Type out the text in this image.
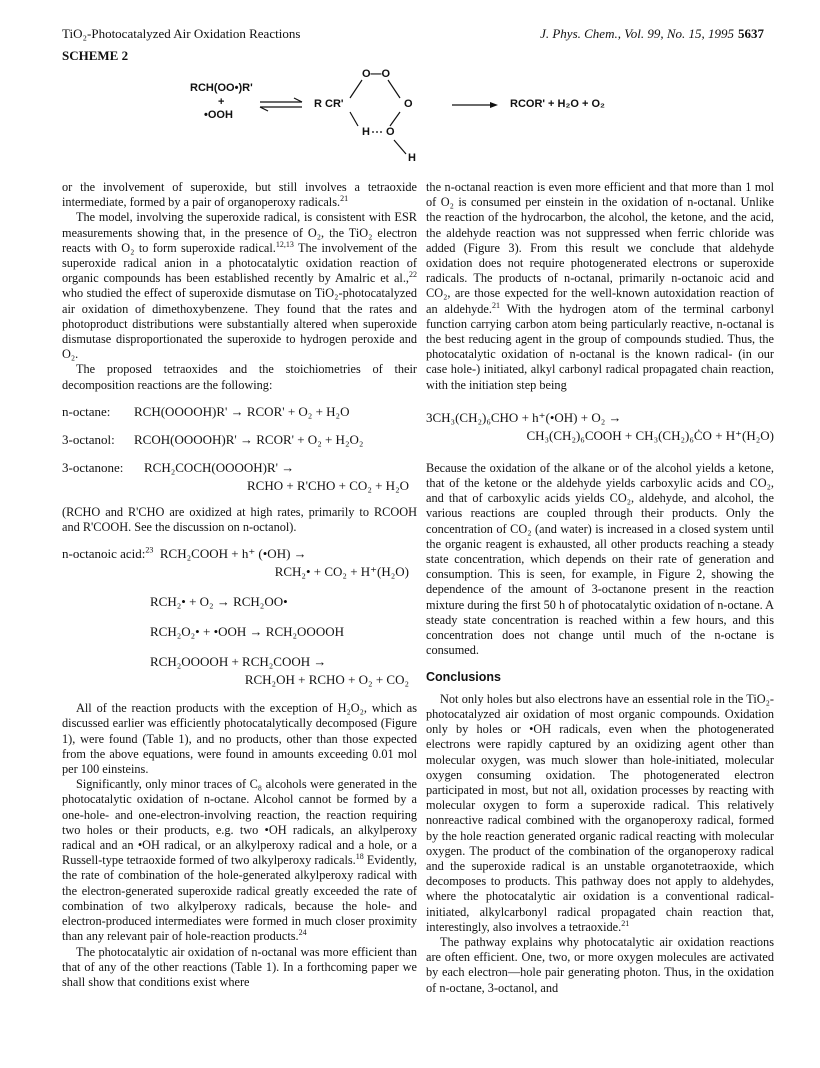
TiO₂-Photocatalyzed Air Oxidation Reactions	J. Phys. Chem., Vol. 99, No. 15, 1995 5637
SCHEME 2
RCH(OO•)R'
+
•OOH
O—O
R CR'	O
H O
H
RCOR' + H₂O + O₂

or the involvement of superoxide, but still involves a tetraoxide intermediate, formed by a pair of organoperoxy radicals.$^{21}$

The model, involving the superoxide radical, is consistent with ESR measurements showing that, in the presence of O₂, the TiO₂ electron reacts with O₂ to form superoxide radical.$^{12,13}$ The involvement of the superoxide radical anion in a photocatalytic oxidation reaction of organic compounds has been established recently by Amalric et al.,$^{22}$ who studied the effect of superoxide dismutase on TiO₂-photocatalyzed air oxidation of dimethoxybenzene. They found that the rates and photoproduct distributions were substantially altered when superoxide dismutase disproportionated the superoxide to hydrogen peroxide and O₂.

The proposed tetraoxides and the stoichiometries of their decomposition reactions are the following:

n-octane: RCH(OOOOH)R' → RCOR' + O₂ + H₂O
3-octanol: RCOH(OOOOH)R' → RCOR' + O₂ + H₂O₂
3-octanone: RCH₂COCH(OOOOH)R' →
RCHO + R'CHO + CO₂ + H₂O

(RCHO and R'CHO are oxidized at high rates, primarily to RCOOH and R'COOH. See the discussion on n-octanol).

n-octanoic acid:$^{23}$ RCH₂COOH + h⁺ (•OH) →
RCH₂• + CO₂ + H⁺(H₂O)
RCH₂• + O₂ → RCH₂OO•
RCH₂O₂• + •OOH → RCH₂OOOOH
RCH₂OOOOH + RCH₂COOH →
RCH₂OH + RCHO + O₂ + CO₂

All of the reaction products with the exception of H₂O₂, which as discussed earlier was efficiently photocatalytically decomposed (Figure 1), were found (Table 1), and no products, other than those expected from the above equations, were found in amounts exceeding 0.01 mol per 100 einsteins.

Significantly, only minor traces of C₈ alcohols were generated in the photocatalytic oxidation of n-octane. Alcohol cannot be formed by a one-hole- and one-electron-involving reaction, the reaction requiring two holes or their products, e.g. two •OH radicals, an alkylperoxy radical and an •OH radical, or an alkylperoxy radical and a hole, or a Russell-type tetraoxide formed of two alkylperoxy radicals.$^{18}$ Evidently, the rate of combination of the hole-generated alkylperoxy radical with the electron-generated superoxide radical greatly exceeded the rate of combination of two alkylperoxy radicals, because the hole- and electron-produced intermediates were formed in much closer proximity than any relevant pair of hole-reaction products.$^{24}$

The photocatalytic air oxidation of n-octanal was more efficient than that of any of the other reactions (Table 1). In a forthcoming paper we shall show that conditions exist where

the n-octanal reaction is even more efficient and that more than 1 mol of O₂ is consumed per einstein in the oxidation of n-octanal. Unlike the reaction of the hydrocarbon, the alcohol, the ketone, and the acid, the aldehyde reaction was not suppressed when ferric chloride was added (Figure 3). From this result we conclude that aldehyde oxidation does not require photogenerated electrons or superoxide radicals. The products of n-octanal, primarily n-octanoic acid and CO₂, are those expected for the well-known autoxidation reaction of an aldehyde.$^{21}$ With the hydrogen atom of the terminal carbonyl function carrying carbon atom being particularly reactive, n-octanal is the best reducing agent in the group of compounds studied. Thus, the photocatalytic oxidation of n-octanal is the known radical- (in our case hole-) initiated, alkyl carbonyl radical propagated chain reaction, with the initiation step being

3CH₃(CH₂)₆CHO + h⁺(•OH) + O₂ →
CH₃(CH₂)₆COOH + CH₃(CH₂)₆ĊO + H⁺(H₂O)

Because the oxidation of the alkane or of the alcohol yields a ketone, that of the ketone or the aldehyde yields carboxylic acids and CO₂, and that of carboxylic acids yields CO₂, aldehyde, and alcohol, the various reactions are coupled through their products. Only the concentration of CO₂ (and water) is increased in a closed system until the organic reagent is exhausted, all other products reaching a steady state concentration, which depends on their rate of generation and consumption. This is seen, for example, in Figure 2, showing the dependence of the amount of 3-octanone present in the reaction mixture during the first 50 h of photocatalytic oxidation of n-octane. A steady state concentration is reached within a few hours, and this concentration does not change until much of the n-octane is consumed.

Conclusions

Not only holes but also electrons have an essential role in the TiO₂-photocatalyzed air oxidation of most organic compounds. Oxidation only by holes or •OH radicals, even when the photogenerated electrons were rapidly captured by an oxidizing agent other than molecular oxygen, was much slower than hole-initiated, molecular oxygen consuming oxidation. The photogenerated electron participated in most, but not all, oxidation processes by reacting with molecular oxygen to form a superoxide radical. This relatively nonreactive radical combined with the organoperoxy radical, formed by the hole reaction generated organic radical reacting with molecular oxygen. The product of the combination of the organoperoxy radical and the superoxide radical is an unstable organotetraoxide, which decomposes to products. This pathway does not apply to aldehydes, where the photocatalytic air oxidation is a conventional radical-initiated, alkylcarbonyl radical propagated chain reaction that, interestingly, also involves a tetraoxide.$^{21}$

The pathway explains why photocatalytic air oxidation reactions are often efficient. One, two, or more oxygen molecules are activated by each electron—hole pair generating photon. Thus, in the oxidation of n-octane, 3-octanol, and
